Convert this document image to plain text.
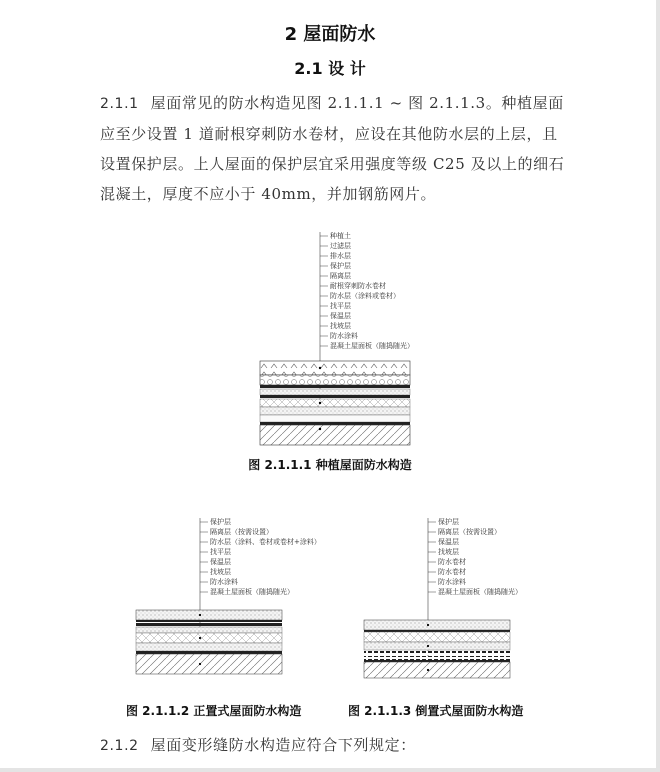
2 屋面防水
2.1 设 计
2.1.1 屋面常见的防水构造见图 2.1.1.1 ~ 图 2.1.1.3。种植屋面应至少设置 1 道耐根穿刺防水卷材，应设在其他防水层的上层，且设置保护层。上人屋面的保护层宜采用强度等级 C25 及以上的细石混凝土，厚度不应小于 40mm，并加钢筋网片。
种植土
过滤层
排水层
保护层
隔离层
耐根穿刺防水卷材
防水层（涂料或卷材）
找平层
保温层
找坡层
防水涂料
混凝土屋面板（随捣随光）
图 2.1.1.1 种植屋面防水构造
保护层
隔离层（按需设置）
防水层（涂料、卷材或卷材+涂料）
找平层
保温层
找坡层
防水涂料
混凝土屋面板（随捣随光）
图 2.1.1.2 正置式屋面防水构造
保护层
隔离层（按需设置）
保温层
找坡层
防水卷材
防水卷材
防水涂料
混凝土屋面板（随捣随光）
图 2.1.1.3 倒置式屋面防水构造
2.1.2 屋面变形缝防水构造应符合下列规定：
